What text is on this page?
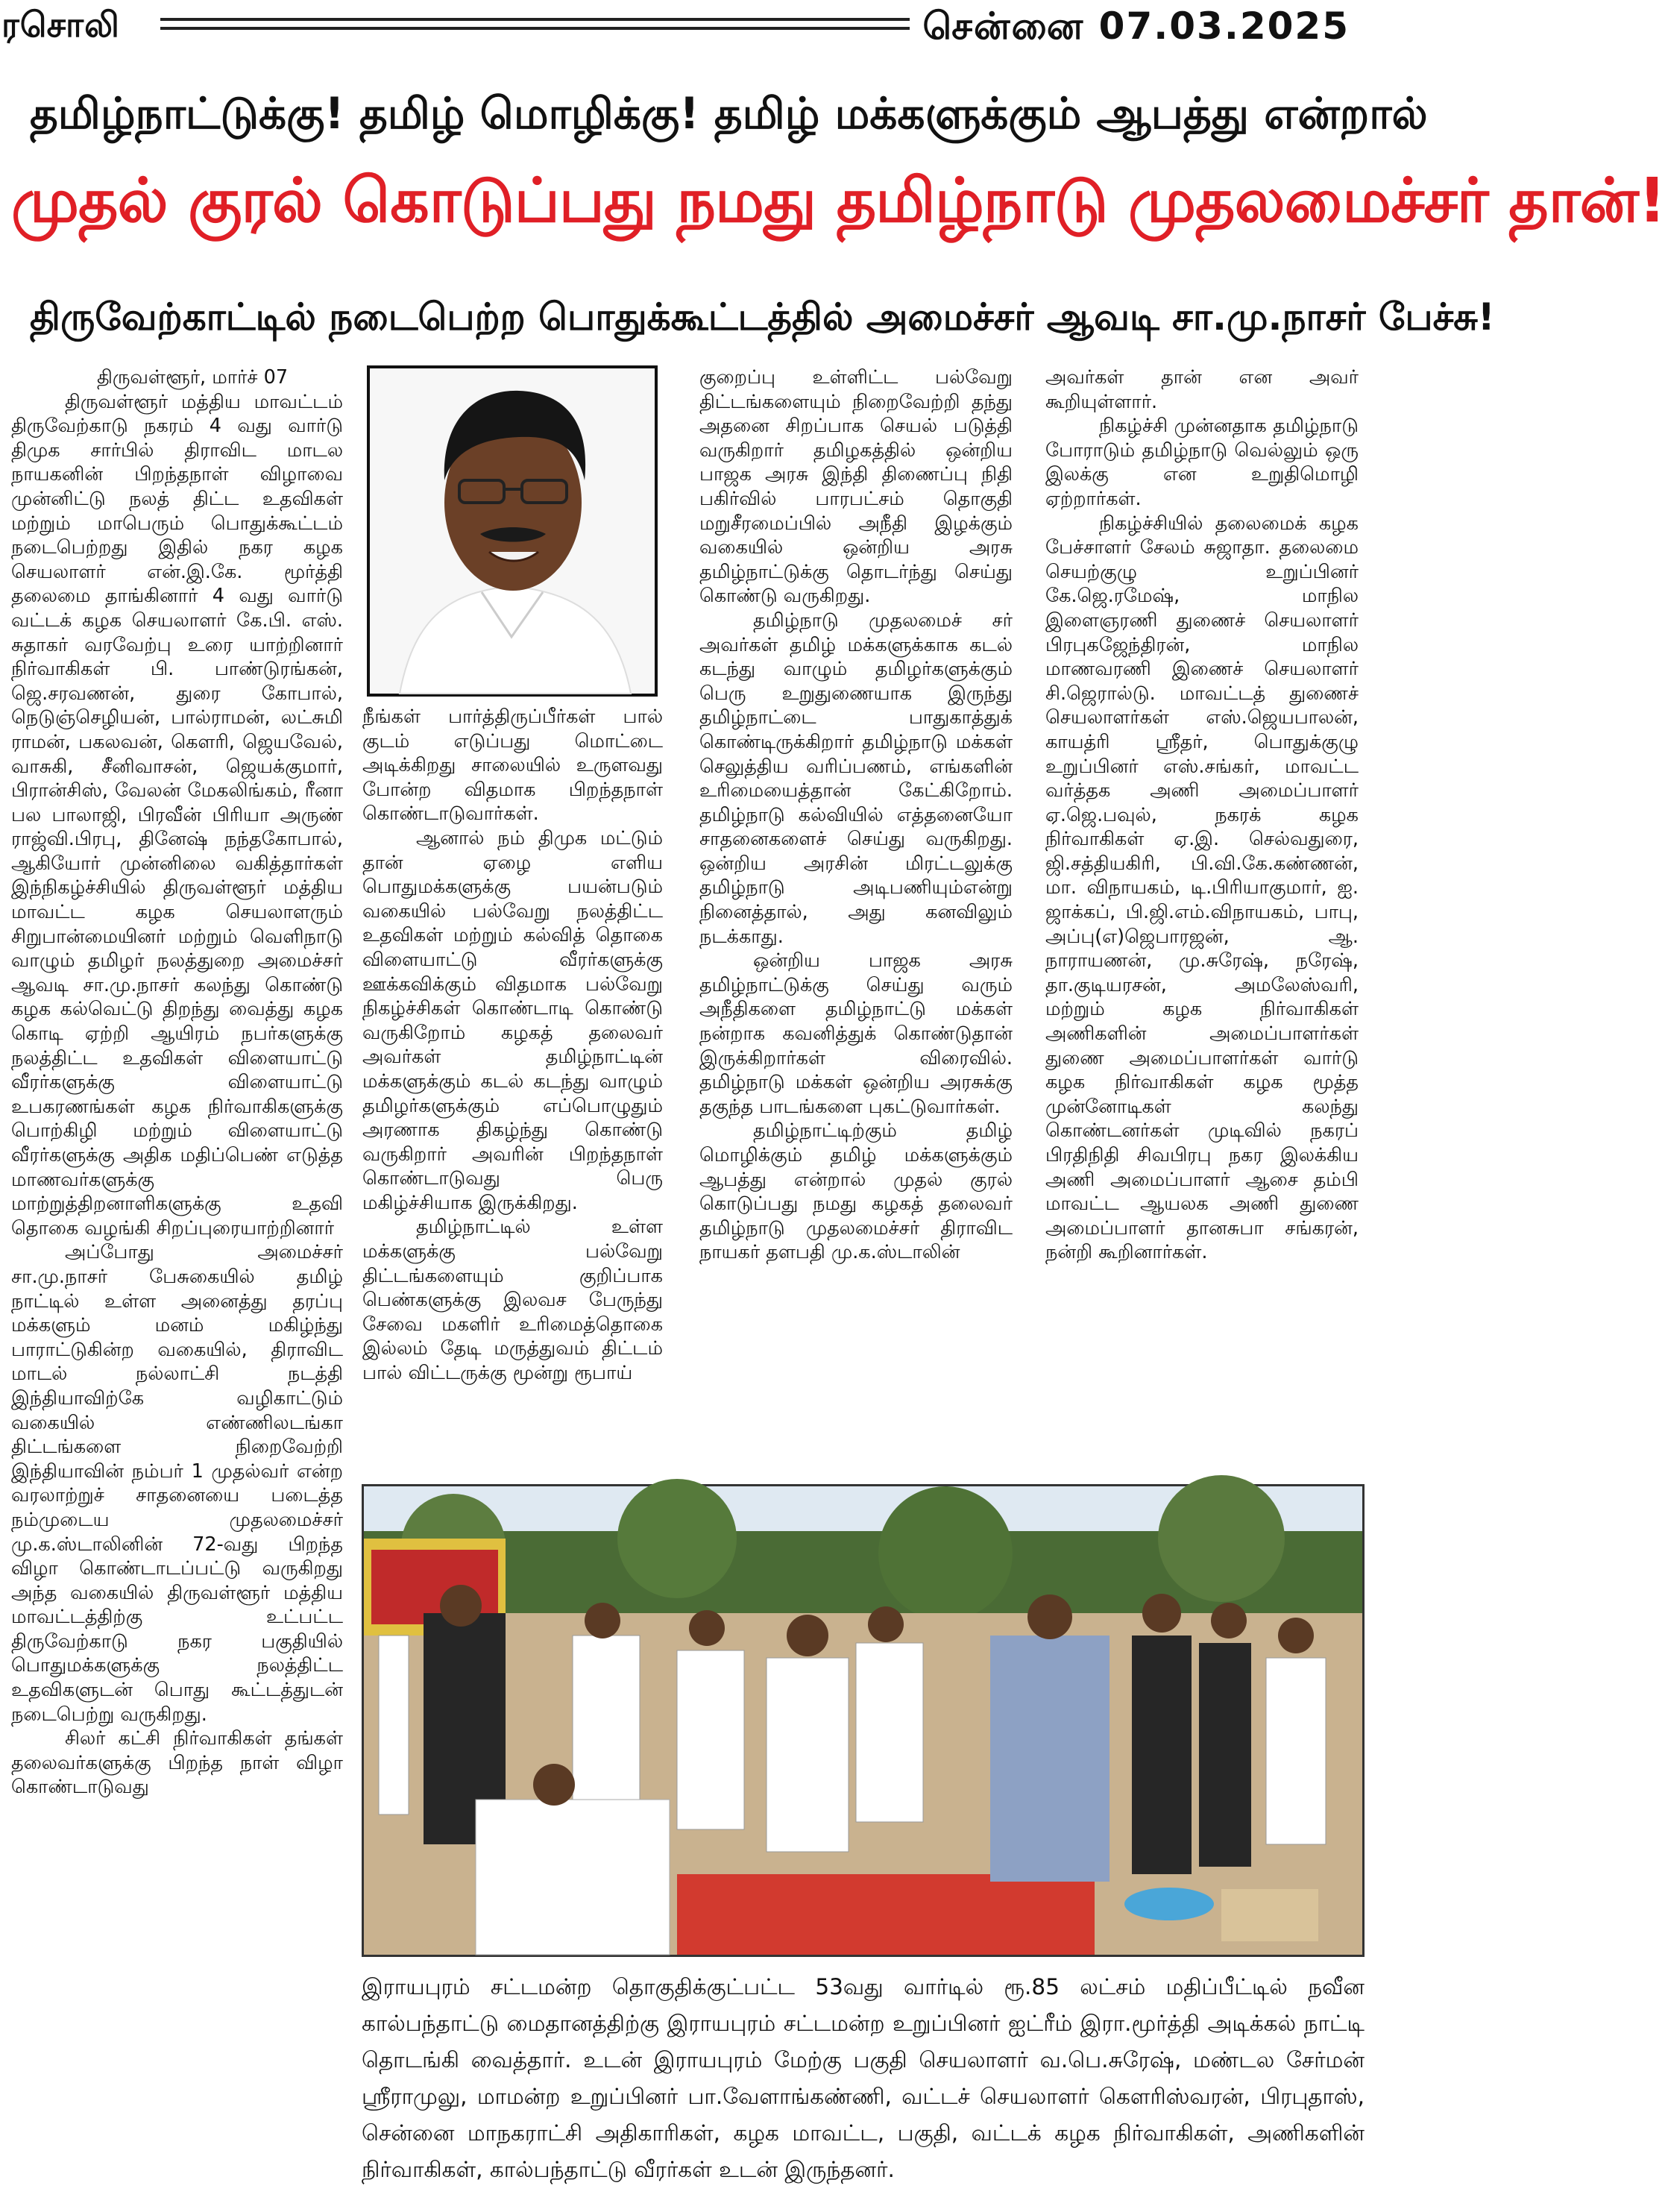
ரசொலி	சென்னை 07.03.2025
தமிழ்நாட்டுக்கு! தமிழ் மொழிக்கு! தமிழ் மக்களுக்கும் ஆபத்து என்றால்
முதல் குரல் கொடுப்பது நமது தமிழ்நாடு முதலமைச்சர் தான்!
திருவேற்காட்டில் நடைபெற்ற பொதுக்கூட்டத்தில் அமைச்சர் ஆவடி சா.மு.நாசர் பேச்சு!

திருவள்ளூர், மார்ச் 07

திருவள்ளூர் மத்திய மாவட்டம் திருவேற்காடு நகரம் 4 வது வார்டு திமுக சார்பில் திராவிட மாடல நாயகனின் பிறந்தநாள் விழாவை முன்னிட்டு நலத் திட்ட உதவிகள் மற்றும் மாபெரும் பொதுக்கூட்டம் நடைபெற்றது இதில் நகர கழக செயலாளர் என்.இ.கே. மூர்த்தி தலைமை தாங்கினார் 4 வது வார்டு வட்டக் கழக செயலாளர் கே.பி. எஸ். சுதாகர் வரவேற்பு உரை யாற்றினார் நிர்வாகிகள் பி. பாண்டுரங்கன், ஜெ.சரவணன், துரை கோபால், நெடுஞ்செழியன், பால்ராமன், லட்சுமி ராமன், பகலவன், கௌரி, ஜெயவேல், வாசுகி, சீனிவாசன், ஜெயக்குமார், பிரான்சிஸ், வேலன் மேகலிங்கம், ரீனா பல பாலாஜி, பிரவீன் பிரியா அருண் ராஜ்வி.பிரபு, தினேஷ் நந்தகோபால், ஆகியோர் முன்னிலை வகித்தார்கள் இந்நிகழ்ச்சியில் திருவள்ளூர் மத்திய மாவட்ட கழக செயலாளரும் சிறுபான்மையினர் மற்றும் வெளிநாடு வாழும் தமிழர் நலத்துறை அமைச்சர் ஆவடி சா.மு.நாசர் கலந்து கொண்டு கழக கல்வெட்டு திறந்து வைத்து கழக கொடி ஏற்றி ஆயிரம் நபர்களுக்கு நலத்திட்ட உதவிகள் விளையாட்டு வீரர்களுக்கு விளையாட்டு உபகரணங்கள் கழக நிர்வாகிகளுக்கு பொற்கிழி மற்றும் விளையாட்டு வீரர்களுக்கு அதிக மதிப்பெண் எடுத்த மாணவர்களுக்கு மாற்றுத்திறனாளிகளுக்கு உதவி தொகை வழங்கி சிறப்புரையாற்றினார்

அப்போது அமைச்சர் சா.மு.நாசர் பேசுகையில் தமிழ் நாட்டில் உள்ள அனைத்து தரப்பு மக்களும் மனம் மகிழ்ந்து பாராட்டுகின்ற வகையில், திராவிட மாடல் நல்லாட்சி நடத்தி இந்தியாவிற்கே வழிகாட்டும் வகையில் எண்ணிலடங்கா திட்டங்களை நிறைவேற்றி இந்தியாவின் நம்பர் 1 முதல்வர் என்ற வரலாற்றுச் சாதனையை படைத்த நம்முடைய முதலமைச்சர் மு.க.ஸ்டாலினின் 72-வது பிறந்த விழா கொண்டாடப்பட்டு வருகிறது அந்த வகையில் திருவள்ளூர் மத்திய மாவட்டத்திற்கு உட்பட்ட திருவேற்காடு நகர பகுதியில் பொதுமக்களுக்கு நலத்திட்ட உதவிகளுடன் பொது கூட்டத்துடன் நடைபெற்று வருகிறது.

சிலர் கட்சி நிர்வாகிகள் தங்கள் தலைவர்களுக்கு பிறந்த நாள் விழா கொண்டாடுவது

நீங்கள் பார்த்திருப்பீர்கள் பால் குடம் எடுப்பது மொட்டை அடிக்கிறது சாலையில் உருளவது போன்ற விதமாக பிறந்தநாள் கொண்டாடுவார்கள்.

ஆனால் நம் திமுக மட்டும் தான் ஏழை எளிய பொதுமக்களுக்கு பயன்படும் வகையில் பல்வேறு நலத்திட்ட உதவிகள் மற்றும் கல்வித் தொகை விளையாட்டு வீரர்களுக்கு ஊக்கவிக்கும் விதமாக பல்வேறு நிகழ்ச்சிகள் கொண்டாடி கொண்டு வருகிறோம் கழகத் தலைவர் அவர்கள் தமிழ்நாட்டின் மக்களுக்கும் கடல் கடந்து வாழும் தமிழர்களுக்கும் எப்பொழுதும் அரணாக திகழ்ந்து கொண்டு வருகிறார் அவரின் பிறந்தநாள் கொண்டாடுவது பெரு மகிழ்ச்சியாக இருக்கிறது.

தமிழ்நாட்டில் உள்ள மக்களுக்கு பல்வேறு திட்டங்களையும் குறிப்பாக பெண்களுக்கு இலவச பேருந்து சேவை மகளிர் உரிமைத்தொகை இல்லம் தேடி மருத்துவம் திட்டம் பால் விட்டருக்கு மூன்று ரூபாய்

குறைப்பு உள்ளிட்ட பல்வேறு திட்டங்களையும் நிறைவேற்றி தந்து அதனை சிறப்பாக செயல் படுத்தி வருகிறார் தமிழகத்தில் ஒன்றிய பாஜக அரசு இந்தி திணைப்பு நிதி பகிர்வில் பாரபட்சம் தொகுதி மறுசீரமைப்பில் அநீதி இழக்கும் வகையில் ஒன்றிய அரசு தமிழ்நாட்டுக்கு தொடர்ந்து செய்து கொண்டு வருகிறது.

தமிழ்நாடு முதலமைச் சர் அவர்கள் தமிழ் மக்களுக்காக கடல் கடந்து வாழும் தமிழர்களுக்கும் பெரு உறுதுணையாக இருந்து தமிழ்நாட்டை பாதுகாத்துக் கொண்டிருக்கிறார் தமிழ்நாடு மக்கள் செலுத்திய வரிப்பணம், எங்களின் உரிமையைத்தான் கேட்கிறோம். தமிழ்நாடு கல்வியில் எத்தனையோ சாதனைகளைச் செய்து வருகிறது. ஒன்றிய அரசின் மிரட்டலுக்கு தமிழ்நாடு அடிபணியும்என்று நினைத்தால், அது கனவிலும் நடக்காது.

ஒன்றிய பாஜக அரசு தமிழ்நாட்டுக்கு செய்து வரும் அநீதிகளை தமிழ்நாட்டு மக்கள் நன்றாக கவனித்துக் கொண்டுதான் இருக்கிறார்கள் விரைவில். தமிழ்நாடு மக்கள் ஒன்றிய அரசுக்கு தகுந்த பாடங்களை புகட்டுவார்கள்.

தமிழ்நாட்டிற்கும் தமிழ் மொழிக்கும் தமிழ் மக்களுக்கும் ஆபத்து என்றால் முதல் குரல் கொடுப்பது நமது கழகத் தலைவர் தமிழ்நாடு முதலமைச்சர் திராவிட நாயகர் தளபதி மு.க.ஸ்டாலின்

அவர்கள் தான் என அவர் கூறியுள்ளார்.

நிகழ்ச்சி முன்னதாக தமிழ்நாடு போராடும் தமிழ்நாடு வெல்லும் ஒரு இலக்கு என உறுதிமொழி ஏற்றார்கள்.

நிகழ்ச்சியில் தலைமைக் கழக பேச்சாளர் சேலம் சுஜாதா. தலைமை செயற்குழு உறுப்பினர் கே.ஜெ.ரமேஷ், மாநில இளைஞரணி துணைச் செயலாளர் பிரபுகஜேந்திரன், மாநில மாணவரணி இணைச் செயலாளர் சி.ஜெரால்டு. மாவட்டத் துணைச் செயலாளர்கள் எஸ்.ஜெயபாலன், காயத்ரி ஸ்ரீதர், பொதுக்குழு உறுப்பினர் எஸ்.சங்கர், மாவட்ட வர்த்தக அணி அமைப்பாளர் ஏ.ஜெ.பவுல், நகரக் கழக நிர்வாகிகள் ஏ.இ. செல்வதுரை, ஜி.சத்தியகிரி, பி.வி.கே.கண்ணன், மா. விநாயகம், டி.பிரியாகுமார், ஐ. ஜாக்கப், பி.ஜி.எம்.விநாயகம், பாபு, அப்பு(எ)ஜெபாரஜன், ஆ. நாராயணன், மு.சுரேஷ், நரேஷ், தா.குடியரசன், அமலேஸ்வரி, மற்றும் கழக நிர்வாகிகள் அணிகளின் அமைப்பாளர்கள் துணை அமைப்பாளர்கள் வார்டு கழக நிர்வாகிகள் கழக மூத்த முன்னோடிகள் கலந்து கொண்டனர்கள் முடிவில் நகரப் பிரதிநிதி சிவபிரபு நகர இலக்கிய அணி அமைப்பாளர் ஆசை தம்பி மாவட்ட ஆயலக அணி துணை அமைப்பாளர் தானசுபா சங்கரன், நன்றி கூறினார்கள்.

இராயபுரம் சட்டமன்ற தொகுதிக்குட்பட்ட 53வது வார்டில் ரூ.85 லட்சம் மதிப்பீட்டில் நவீன கால்பந்தாட்டு மைதானத்திற்கு இராயபுரம் சட்டமன்ற உறுப்பினர் ஐட்ரீம் இரா.மூர்த்தி அடிக்கல் நாட்டி தொடங்கி வைத்தார். உடன் இராயபுரம் மேற்கு பகுதி செயலாளர் வ.பெ.சுரேஷ், மண்டல சேர்மன் ஸ்ரீராமுலு, மாமன்ற உறுப்பினர் பா.வேளாங்கண்ணி, வட்டச் செயலாளர் கௌரிஸ்வரன், பிரபுதாஸ், சென்னை மாநகராட்சி அதிகாரிகள், கழக மாவட்ட, பகுதி, வட்டக் கழக நிர்வாகிகள், அணிகளின் நிர்வாகிகள், கால்பந்தாட்டு வீரர்கள் உடன் இருந்தனர்.
